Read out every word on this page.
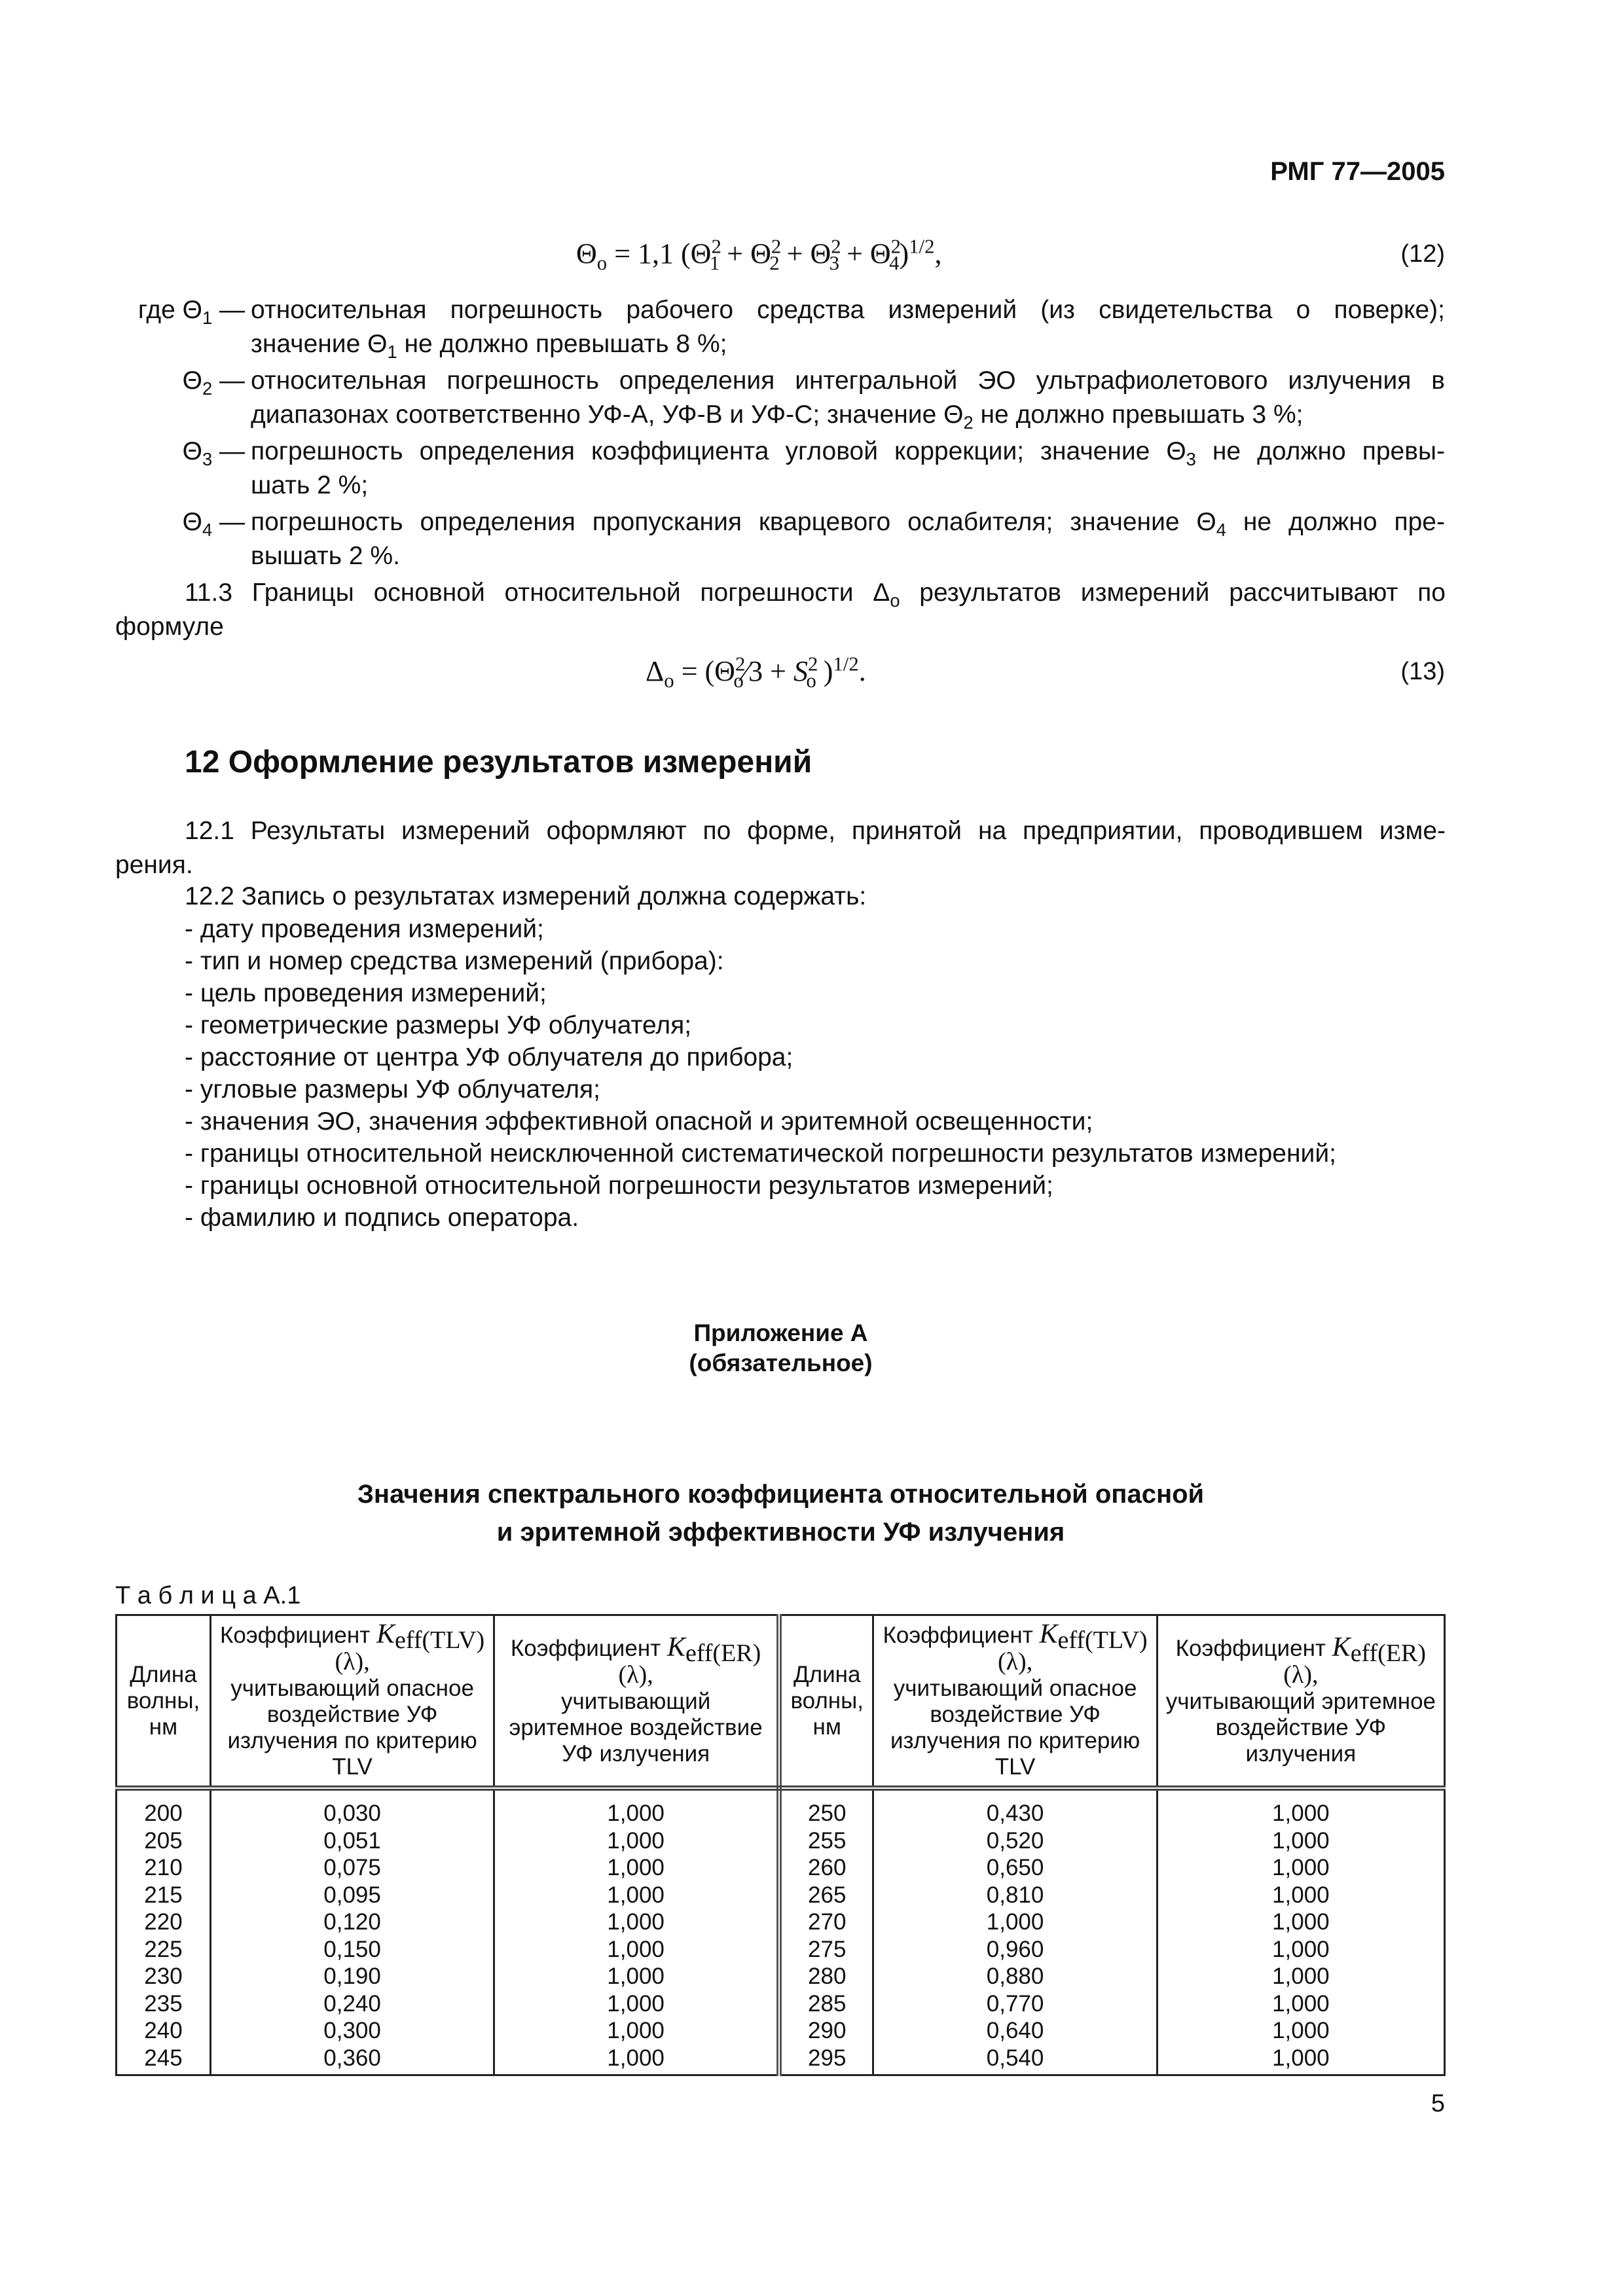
РМГ 77—2005
$\Theta_о = 1,1$ $(\Theta^2_1 + \Theta^2_2 + \Theta^2_3 + \Theta^2_4)^{1/2}$,	(12)
где $\Theta_1$ — относительная погрешность рабочего средства измерений (из свидетельства о поверке);
значение $\Theta_1$ не должно превышать 8 %;
$\Theta_2$ — относительная погрешность определения интегральной ЭО ультрафиолетового излучения в
диапазонах соответственно УФ-А, УФ-В и УФ-С; значение $\Theta_2$ не должно превышать 3 %;
$\Theta_3$ — погрешность определения коэффициента угловой коррекции; значение $\Theta_3$ не должно превы-
шать 2 %;
$\Theta_4$ — погрешность определения пропускания кварцевого ослабителя; значение $\Theta_4$ не должно пре-
вышать 2 %.
11.3 Границы основной относительной погрешности $\Delta_о$ результатов измерений рассчитывают по
формуле
$\Delta_о$ = ($\Theta^2_о⁄3 + S^2_о$ )$^{1/2}$.	(13)
12 Оформление результатов измерений
12.1 Результаты измерений оформляют по форме, принятой на предприятии, проводившем изме-
рения.
12.2 Запись о результатах измерений должна содержать:
- дату проведения измерений;
- тип и номер средства измерений (прибора):
- цель проведения измерений;
- геометрические размеры УФ облучателя;
- расстояние от центра УФ облучателя до прибора;
- угловые размеры УФ облучателя;
- значения ЭО, значения эффективной опасной и эритемной освещенности;
- границы относительной неисключенной систематической погрешности результатов измерений;
- границы основной относительной погрешности результатов измерений;
- фамилию и подпись оператора.
Приложение А
(обязательное)
Значения спектрального коэффициента относительной опасной
и эритемной эффективности УФ излучения
Т а б л и ц а А.1
Длина волны, нм	Коэффициент $K_{eff(TLV)}$ (λ),
учитывающий опасное воздействие УФ излучения по критерию TLV	Коэффициент $K_{eff(ER)}$ (λ),
учитывающий эритемное воздействие УФ излучения	Длина волны, нм	Коэффициент $K_{eff(TLV)}$ (λ),
учитывающий опасное воздействие УФ излучения по критерию TLV	Коэффициент $K_{eff(ER)}$ (λ),
учитывающий эритемное воздействие УФ излучения
200	0,030	1,000	250	0,430	1,000
205	0,051	1,000	255	0,520	1,000
210	0,075	1,000	260	0,650	1,000
215	0,095	1,000	265	0,810	1,000
220	0,120	1,000	270	1,000	1,000
225	0,150	1,000	275	0,960	1,000
230	0,190	1,000	280	0,880	1,000
235	0,240	1,000	285	0,770	1,000
240	0,300	1,000	290	0,640	1,000
245	0,360	1,000	295	0,540	1,000
5
